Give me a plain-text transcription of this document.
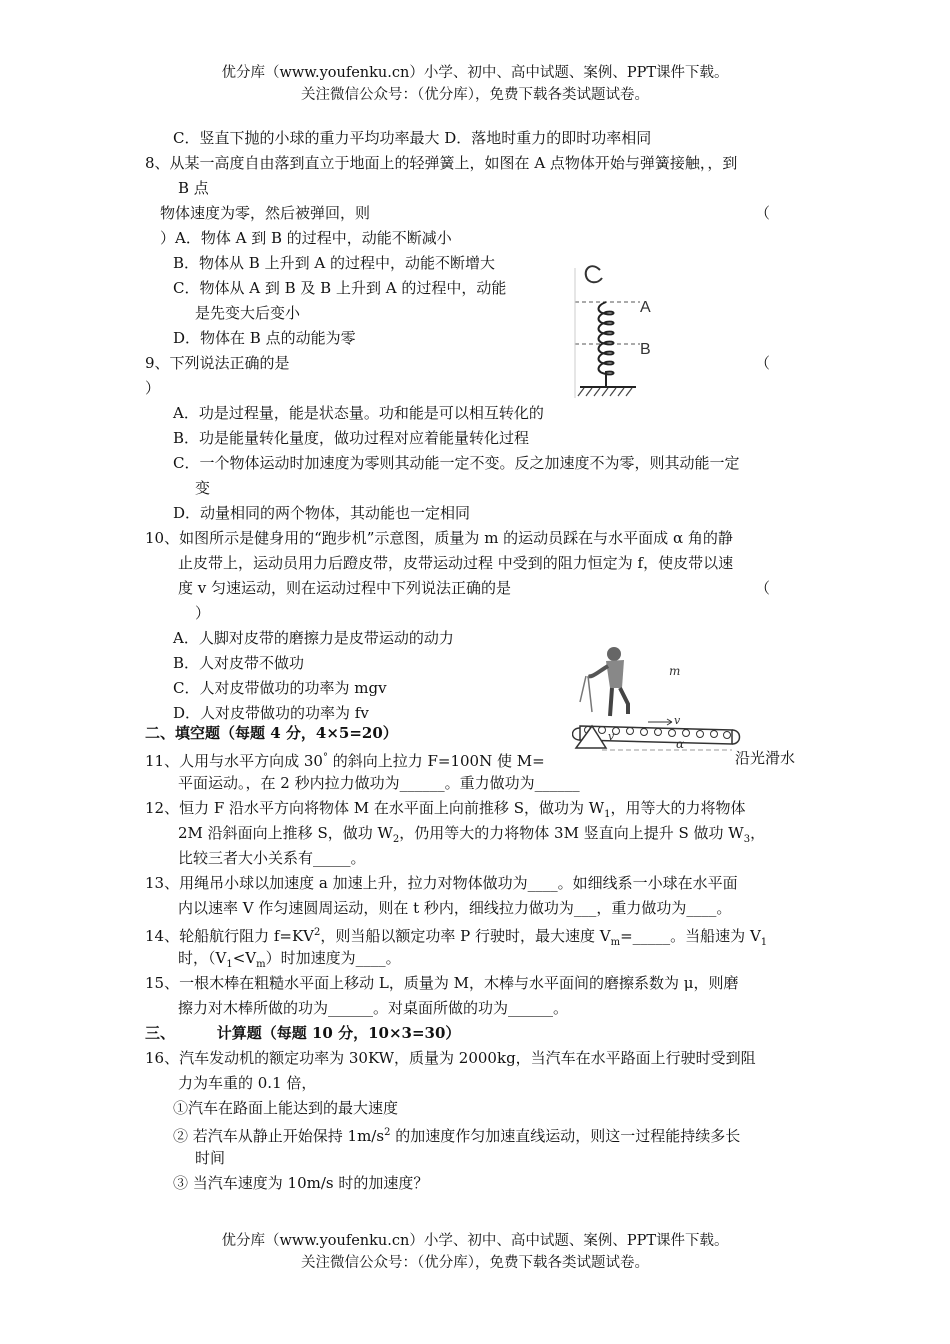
优分库（www.youfenku.cn）小学、初中、高中试题、案例、PPT课件下载。
关注微信公众号：（优分库），免费下载各类试题试卷。
C．竖直下抛的小球的重力平均功率最大 D．落地时重力的即时功率相同
8、从某一高度自由落到直立于地面上的轻弹簧上，如图在 A 点物体开始与弹簧接触，，到
B 点
物体速度为零，然后被弹回，则	（
）A．物体 A 到 B 的过程中，动能不断减小
B．物体从 B 上升到 A 的过程中，动能不断增大
C．物体从 A 到 B 及 B 上升到 A 的过程中，动能
是先变大后变小
D．物体在 B 点的动能为零
A
B
9、下列说法正确的是	（
）
A．功是过程量，能是状态量。功和能是可以相互转化的
B．功是能量转化量度，做功过程对应着能量转化过程
C．一个物体运动时加速度为零则其动能一定不变。反之加速度不为零，则其动能一定
变
D．动量相同的两个物体，其动能也一定相同
10、如图所示是健身用的“跑步机”示意图，质量为 m 的运动员踩在与水平面成 α 角的静
止皮带上，运动员用力后蹬皮带，皮带运动过程 中受到的阻力恒定为 f，使皮带以速
度 v 匀速运动，则在运动过程中下列说法正确的是	（
）
A．人脚对皮带的磨擦力是皮带运动的动力
B．人对皮带不做功
C．人对皮带做功的功率为 mgv
D．人对皮带做功的功率为 fv
m
v
v
α
二、填空题（每题 4 分，4×5=20）
11、人用与水平方向成 30° 的斜向上拉力 F=100N 使 M=	沿光滑水
平面运动。，在 2 秒内拉力做功为______。重力做功为______
12、恒力 F 沿水平方向将物体 M 在水平面上向前推移 S，做功为 $W_1$，用等大的力将物体
2M 沿斜面向上推移 S，做功 $W_2$，仍用等大的力将物体 3M 竖直向上提升 S 做功 $W_3$，
比较三者大小关系有_____。
13、用绳吊小球以加速度 a 加速上升，拉力对物体做功为____。如细线系一小球在水平面
内以速率 V 作匀速圆周运动，则在 t 秒内，细线拉力做功为___，重力做功为____。
14、轮船航行阻力 $f=KV^2$，则当船以额定功率 P 行驶时，最大速度 $V_m=\_\_\_\_\_$。当船速为 $V_1$
时，$(V_1<V_m)$时加速度为____。
15、一根木棒在粗糙水平面上移动 L，质量为 M，木棒与水平面间的磨擦系数为 μ，则磨
擦力对木棒所做的功为______。对桌面所做的功为______。
三、        计算题（每题 10 分，10×3=30）
16、汽车发动机的额定功率为 30KW，质量为 2000kg，当汽车在水平路面上行驶时受到阻
力为车重的 0.1 倍，
①汽车在路面上能达到的最大速度
② 若汽车从静止开始保持 $1m/s^2$ 的加速度作匀加速直线运动，则这一过程能持续多长
时间
③ 当汽车速度为 10m/s 时的加速度？
优分库（www.youfenku.cn）小学、初中、高中试题、案例、PPT课件下载。
关注微信公众号：（优分库），免费下载各类试题试卷。
